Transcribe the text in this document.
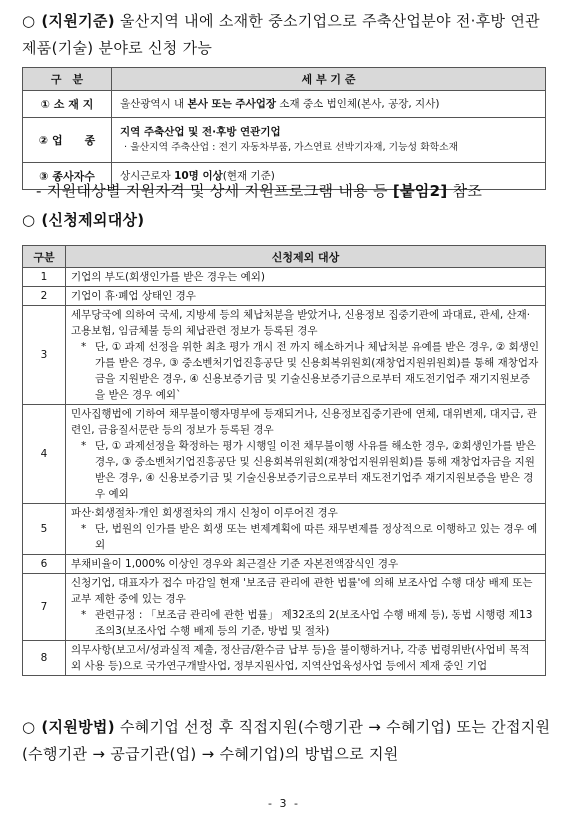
○ (지원기준) 울산지역 내에 소재한 중소기업으로 주축산업분야 전·후방 연관 제품(기술) 분야로 신청 가능
구　분	세 부 기 준
① 소 재 지	울산광역시 내 본사 또는 주사업장 소재 중소 법인체(본사, 공장, 지사)
② 업　　종	지역 주축산업 및 전·후방 연관기업
· 울산지역 주축산업 : 전기 자동차부품, 가스연료 선박기자재, 기능성 화학소재
③ 종사자수	상시근로자 10명 이상(현재 기준)
- 지원대상별 지원자격 및 상세 지원프로그램 내용 등 [붙임2] 참조
○ (신청제외대상)
구분	신청제외 대상
1	기업의 부도(회생인가를 받은 경우는 예외)
2	기업이 휴·폐업 상태인 경우
3	세무당국에 의하여 국세, 지방세 등의 체납처분을 받았거나, 신용정보 집중기관에 과대료, 관세, 산재·고용보험, 임금체불 등의 체납관련 정보가 등록된 경우
* 단, ① 과제 선정을 위한 최초 평가 개시 전 까지 해소하거나 체납처분 유예를 받은 경우, ② 회생인가를 받은 경우, ③ 중소벤처기업진흥공단 및 신용회복위원회(재창업지원위원회)를 통해 재창업자금을 지원받은 경우, ④ 신용보증기금 및 기술신용보증기금으로부터 재도전기업주 재기지원보증을 받은 경우 예외`

4	민사집행법에 기하여 채무불이행자명부에 등재되거나, 신용정보집중기관에 연체, 대위변제, 대지급, 관련인, 금융질서문란 등의 정보가 등록된 경우
* 단, ① 과제선정을 확정하는 평가 시행일 이전 채무불이행 사유를 해소한 경우, ②회생인가를 받은 경우, ③ 중소벤처기업진흥공단 및 신용회복위원회(재창업지원위원회)를 통해 재창업자금을 지원받은 경우, ④ 신용보증기금 및 기술신용보증기금으로부터 재도전기업주 재기지원보증을 받은 경우 예외

5	파산·회생절차·개인 회생절차의 개시 신청이 이루어진 경우
* 단, 법원의 인가를 받은 회생 또는 변제계획에 따른 채무변제를 정상적으로 이행하고 있는 경우 예외

6	부채비율이 1,000% 이상인 경우와 최근결산 기준 자본전액잠식인 경우
7	신청기업, 대표자가 접수 마감일 현재 '보조금 관리에 관한 법률'에 의해 보조사업 수행 대상 배제 또는 교부 제한 중에 있는 경우
* 관련규정 : 「보조금 관리에 관한 법률」 제32조의 2(보조사업 수행 배제 등), 동법 시행령 제13조의3(보조사업 수행 배제 등의 기준, 방법 및 절차)

8	의무사항(보고서/성과실적 제출, 정산금/환수금 납부 등)을 불이행하거나, 각종 법령위반(사업비 목적 외 사용 등)으로 국가연구개발사업, 정부지원사업, 지역산업육성사업 등에서 제재 중인 기업
○ (지원방법) 수혜기업 선정 후 직접지원(수행기관 → 수혜기업) 또는 간접지원(수행기관 → 공급기관(업) → 수혜기업)의 방법으로 지원
- 3 -
